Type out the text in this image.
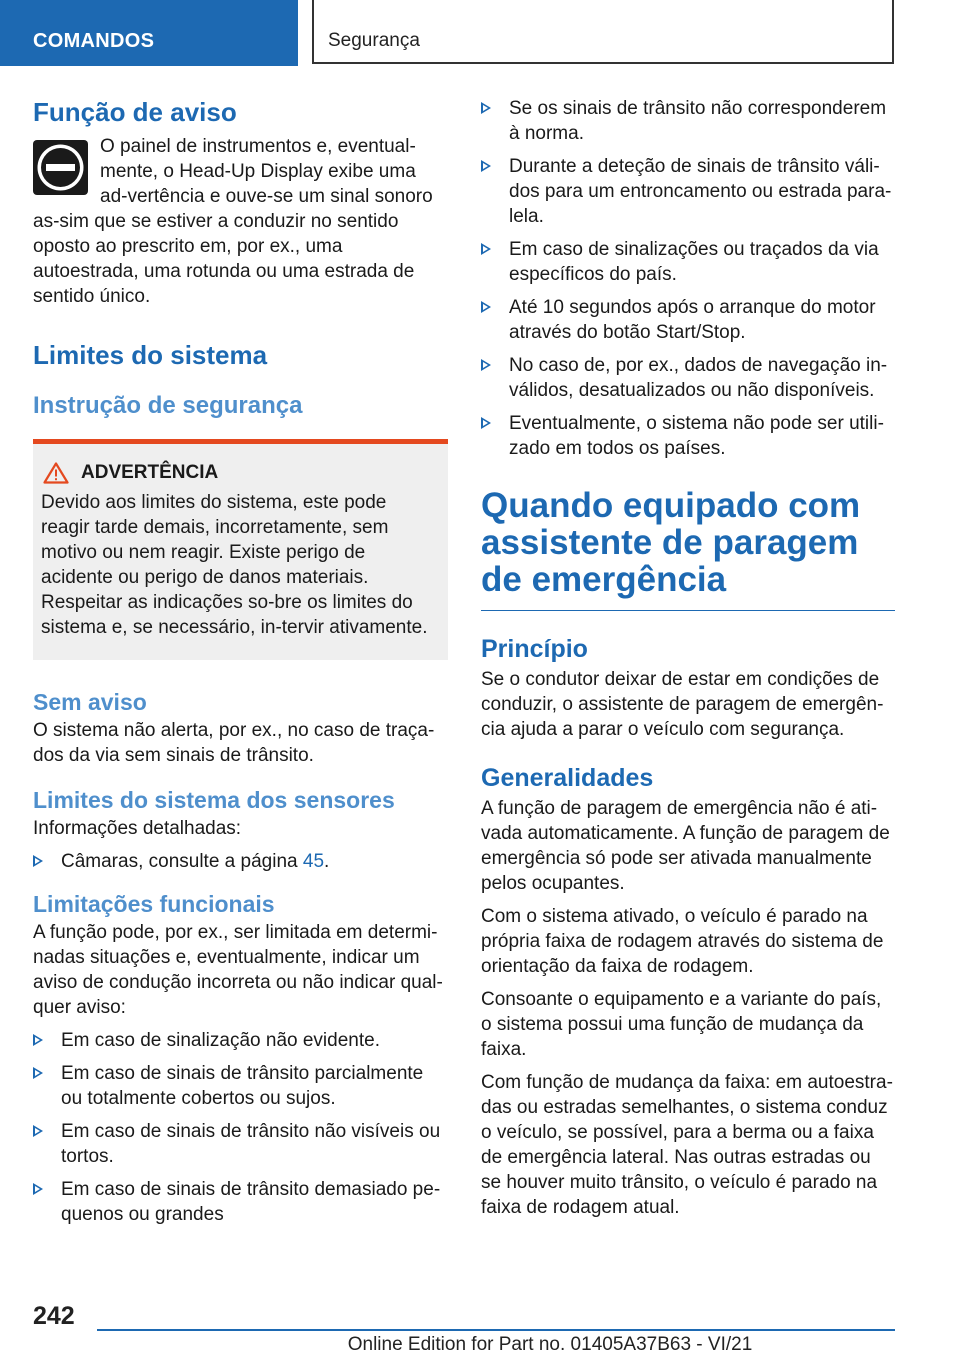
COMANDOS	Segurança
Função de aviso

O painel de instrumentos e, eventual-mente, o Head-Up Display exibe uma ad-vertência e ouve-se um sinal sonoro as-sim que se estiver a conduzir no sentido oposto ao prescrito em, por ex., uma autoestrada, uma rotunda ou uma estrada de sentido único.

Limites do sistema
Instrução de segurança
ADVERTÊNCIA

Devido aos limites do sistema, este pode reagir tarde demais, incorretamente, sem motivo ou nem reagir. Existe perigo de acidente ou perigo de danos materiais. Respeitar as indicações so-bre os limites do sistema e, se necessário, in-tervir ativamente.

Sem aviso

O sistema não alerta, por ex., no caso de traça-dos da via sem sinais de trânsito.

Limites do sistema dos sensores

Informações detalhadas:

Câmaras, consulte a página 45.
Limitações funcionais

A função pode, por ex., ser limitada em determi-nadas situações e, eventualmente, indicar um aviso de condução incorreta ou não indicar qual-quer aviso:

Em caso de sinalização não evidente.
Em caso de sinais de trânsito parcialmente ou totalmente cobertos ou sujos.
Em caso de sinais de trânsito não visíveis ou tortos.
Em caso de sinais de trânsito demasiado pe-quenos ou grandes
Se os sinais de trânsito não corresponderem à norma.
Durante a deteção de sinais de trânsito váli-dos para um entroncamento ou estrada para-lela.
Em caso de sinalizações ou traçados da via específicos do país.
Até 10 segundos após o arranque do motor através do botão Start/Stop.
No caso de, por ex., dados de navegação in-válidos, desatualizados ou não disponíveis.
Eventualmente, o sistema não pode ser utili-zado em todos os países.
Quando equipado com assistente de paragem de emergência
Princípio

Se o condutor deixar de estar em condições de conduzir, o assistente de paragem de emergên-cia ajuda a parar o veículo com segurança.

Generalidades

A função de paragem de emergência não é ati-vada automaticamente. A função de paragem de emergência só pode ser ativada manualmente pelos ocupantes.

Com o sistema ativado, o veículo é parado na própria faixa de rodagem através do sistema de orientação da faixa de rodagem.

Consoante o equipamento e a variante do país, o sistema possui uma função de mudança da faixa.

Com função de mudança da faixa: em autoestra-das ou estradas semelhantes, o sistema conduz o veículo, se possível, para a berma ou a faixa de emergência lateral. Nas outras estradas ou se houver muito trânsito, o veículo é parado na faixa de rodagem atual.

242
Online Edition for Part no. 01405A37B63 - VI/21
